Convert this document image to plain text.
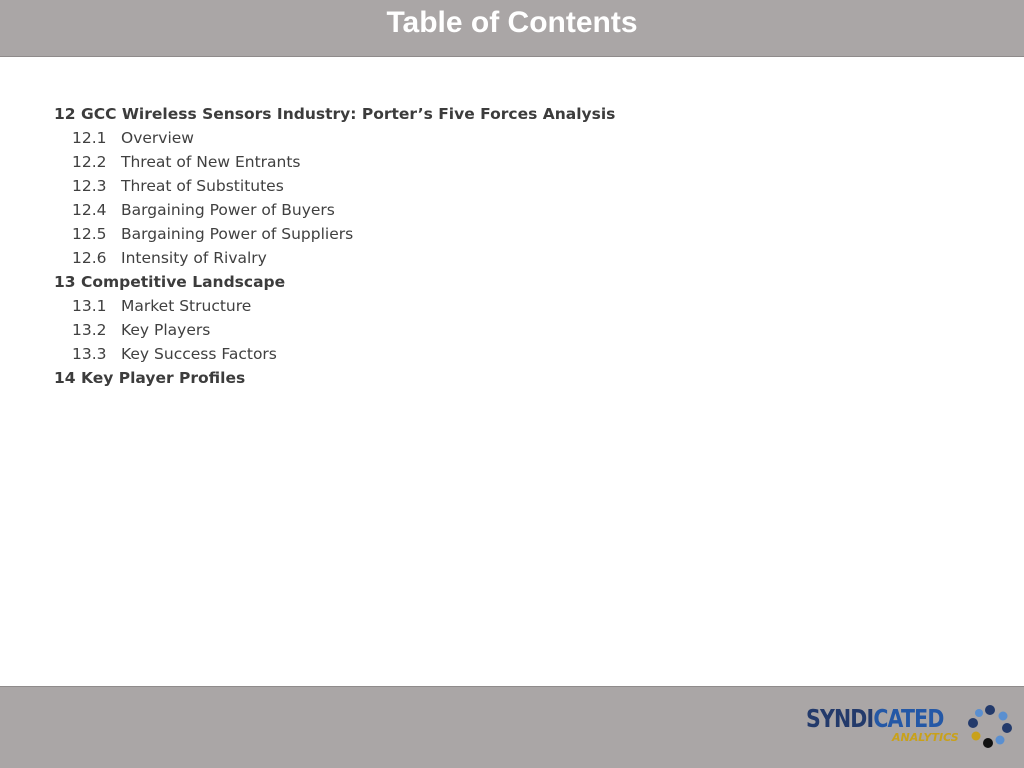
Table of Contents
12 GCC Wireless Sensors Industry: Porter’s Five Forces Analysis
12.1 Overview
12.2 Threat of New Entrants
12.3 Threat of Substitutes
12.4 Bargaining Power of Buyers
12.5 Bargaining Power of Suppliers
12.6 Intensity of Rivalry
13 Competitive Landscape
13.1 Market Structure
13.2 Key Players
13.3 Key Success Factors
14 Key Player Profiles
SYNDICATED
ANALYTICS
